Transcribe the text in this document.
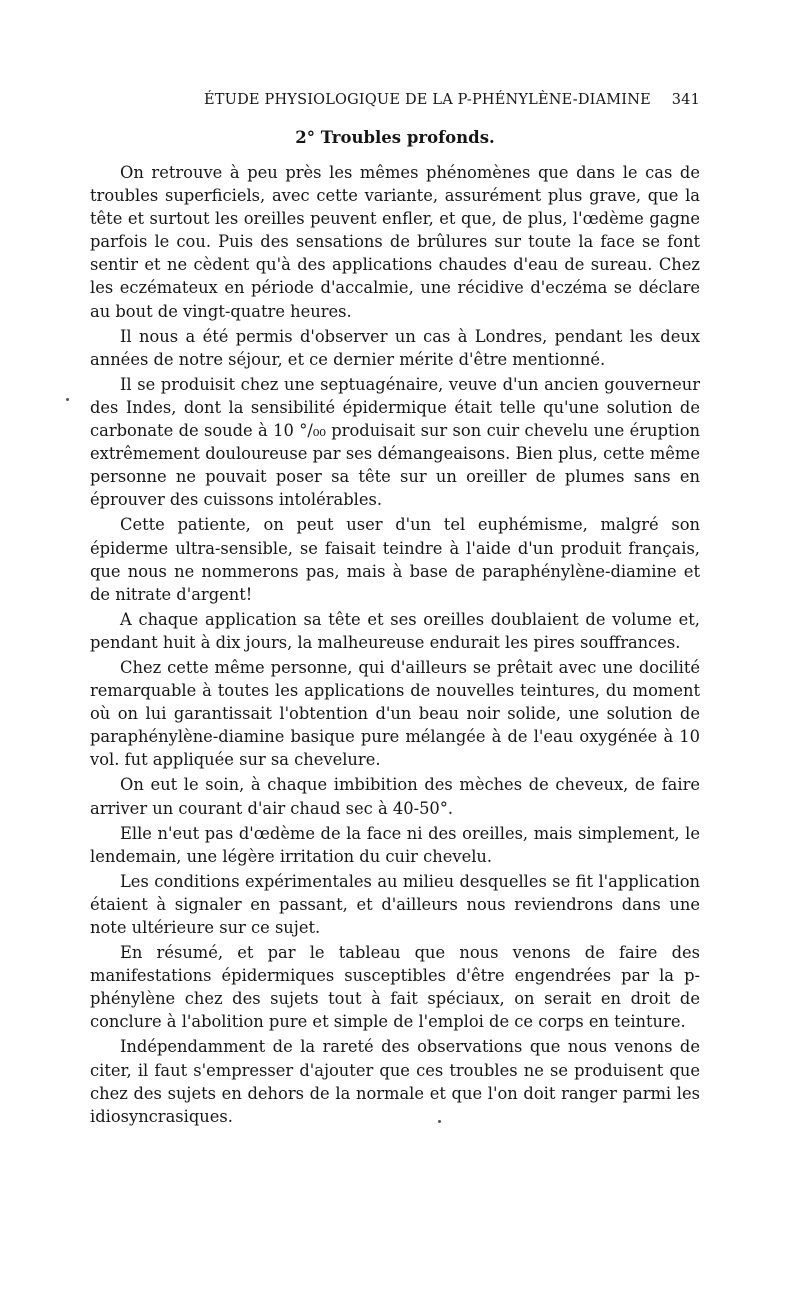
ÉTUDE PHYSIOLOGIQUE DE LA P-PHÉNYLÈNE-DIAMINE 341
2° Troubles profonds.

On retrouve à peu près les mêmes phénomènes que dans le cas de troubles superficiels, avec cette variante, assurément plus grave, que la tête et surtout les oreilles peuvent enfler, et que, de plus, l'œdème gagne parfois le cou. Puis des sensations de brûlures sur toute la face se font sentir et ne cèdent qu'à des applications chaudes d'eau de sureau. Chez les eczémateux en période d'accalmie, une récidive d'eczéma se déclare au bout de vingt-quatre heures.

Il nous a été permis d'observer un cas à Londres, pendant les deux années de notre séjour, et ce dernier mérite d'être mentionné.

Il se produisit chez une septuagénaire, veuve d'un ancien gouverneur des Indes, dont la sensibilité épidermique était telle qu'une solution de carbonate de soude à 10 °/₀₀ produisait sur son cuir chevelu une éruption extrêmement douloureuse par ses démangeaisons. Bien plus, cette même personne ne pouvait poser sa tête sur un oreiller de plumes sans en éprouver des cuissons intolérables.

Cette patiente, on peut user d'un tel euphémisme, malgré son épiderme ultra-sensible, se faisait teindre à l'aide d'un produit français, que nous ne nommerons pas, mais à base de paraphénylène-diamine et de nitrate d'argent!

A chaque application sa tête et ses oreilles doublaient de volume et, pendant huit à dix jours, la malheureuse endurait les pires souffrances.

Chez cette même personne, qui d'ailleurs se prêtait avec une docilité remarquable à toutes les applications de nouvelles teintures, du moment où on lui garantissait l'obtention d'un beau noir solide, une solution de paraphénylène-diamine basique pure mélangée à de l'eau oxygénée à 10 vol. fut appliquée sur sa chevelure.

On eut le soin, à chaque imbibition des mèches de cheveux, de faire arriver un courant d'air chaud sec à 40-50°.

Elle n'eut pas d'œdème de la face ni des oreilles, mais simplement, le lendemain, une légère irritation du cuir chevelu.

Les conditions expérimentales au milieu desquelles se fit l'application étaient à signaler en passant, et d'ailleurs nous reviendrons dans une note ultérieure sur ce sujet.

En résumé, et par le tableau que nous venons de faire des manifestations épidermiques susceptibles d'être engendrées par la p-phénylène chez des sujets tout à fait spéciaux, on serait en droit de conclure à l'abolition pure et simple de l'emploi de ce corps en teinture.

Indépendamment de la rareté des observations que nous venons de citer, il faut s'empresser d'ajouter que ces troubles ne se produisent que chez des sujets en dehors de la normale et que l'on doit ranger parmi les idiosyncrasiques.
